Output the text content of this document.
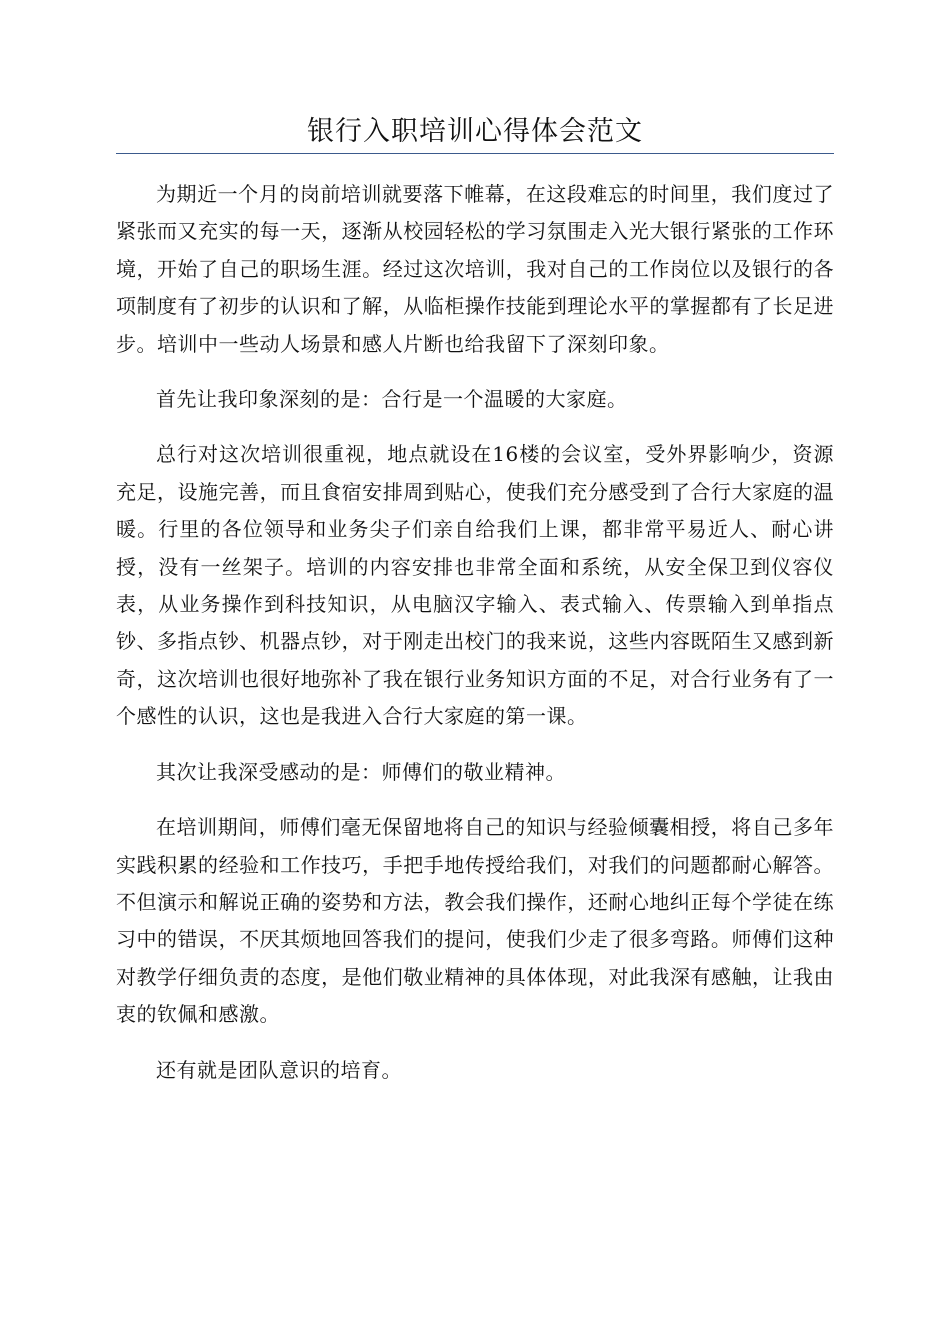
银行入职培训心得体会范文

为期近一个月的岗前培训就要落下帷幕，在这段难忘的时间里，我们度过了紧张而又充实的每一天，逐渐从校园轻松的学习氛围走入光大银行紧张的工作环境，开始了自己的职场生涯。经过这次培训，我对自己的工作岗位以及银行的各项制度有了初步的认识和了解，从临柜操作技能到理论水平的掌握都有了长足进步。培训中一些动人场景和感人片断也给我留下了深刻印象。

首先让我印象深刻的是：合行是一个温暖的大家庭。

总行对这次培训很重视，地点就设在16楼的会议室，受外界影响少，资源充足，设施完善，而且食宿安排周到贴心，使我们充分感受到了合行大家庭的温暖。行里的各位领导和业务尖子们亲自给我们上课，都非常平易近人、耐心讲授，没有一丝架子。培训的内容安排也非常全面和系统，从安全保卫到仪容仪表，从业务操作到科技知识，从电脑汉字输入、表式输入、传票输入到单指点钞、多指点钞、机器点钞，对于刚走出校门的我来说，这些内容既陌生又感到新奇，这次培训也很好地弥补了我在银行业务知识方面的不足，对合行业务有了一个感性的认识，这也是我进入合行大家庭的第一课。

其次让我深受感动的是：师傅们的敬业精神。

在培训期间，师傅们毫无保留地将自己的知识与经验倾囊相授，将自己多年实践积累的经验和工作技巧，手把手地传授给我们，对我们的问题都耐心解答。不但演示和解说正确的姿势和方法，教会我们操作，还耐心地纠正每个学徒在练习中的错误，不厌其烦地回答我们的提问，使我们少走了很多弯路。师傅们这种对教学仔细负责的态度，是他们敬业精神的具体体现，对此我深有感触，让我由衷的钦佩和感激。

还有就是团队意识的培育。
